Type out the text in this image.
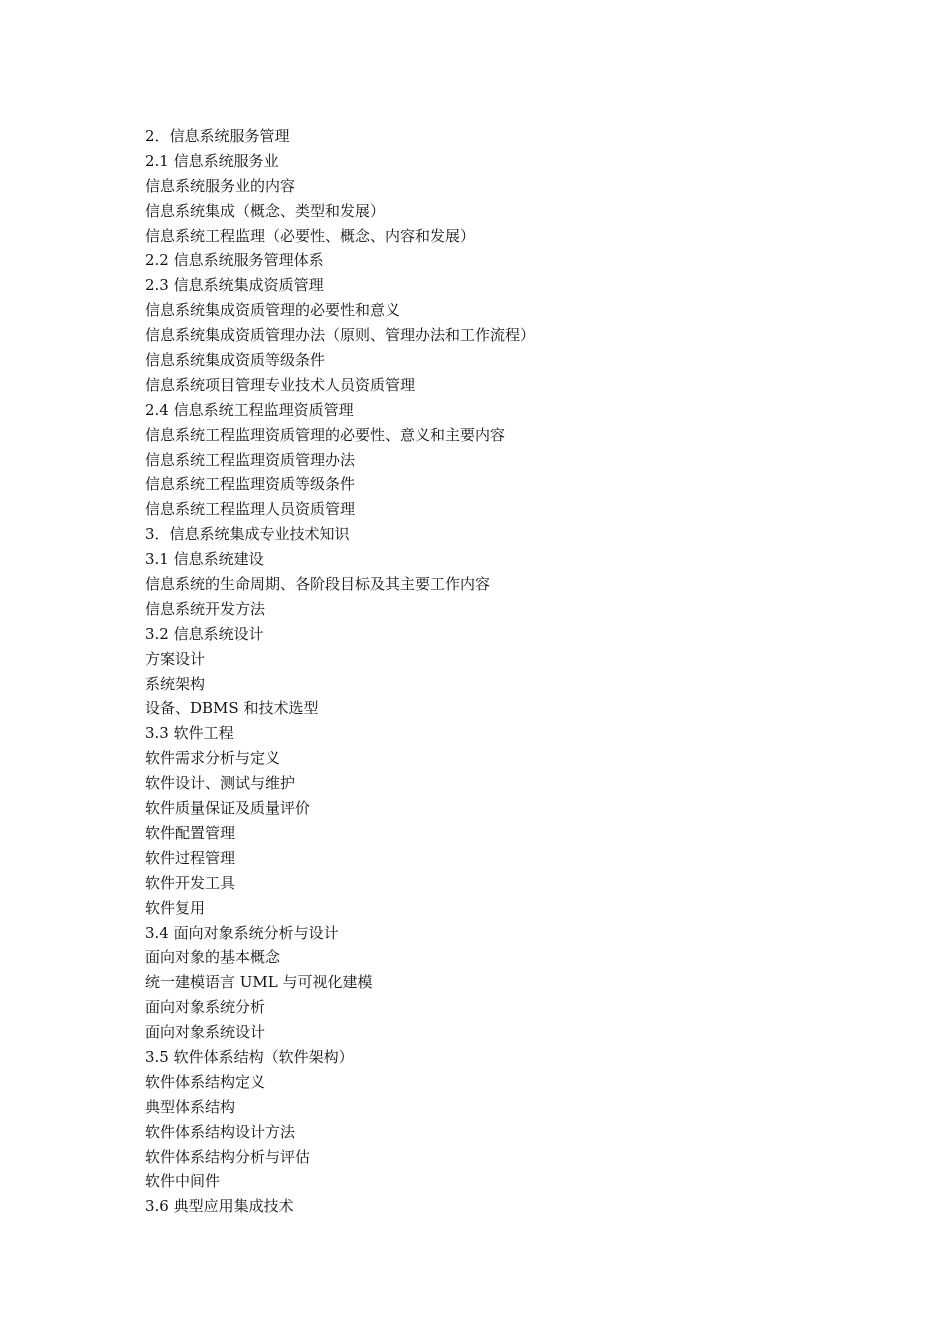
2．信息系统服务管理
2.1 信息系统服务业
信息系统服务业的内容
信息系统集成（概念、类型和发展）
信息系统工程监理（必要性、概念、内容和发展）
2.2 信息系统服务管理体系
2.3 信息系统集成资质管理
信息系统集成资质管理的必要性和意义
信息系统集成资质管理办法（原则、管理办法和工作流程）
信息系统集成资质等级条件
信息系统项目管理专业技术人员资质管理
2.4 信息系统工程监理资质管理
信息系统工程监理资质管理的必要性、意义和主要内容
信息系统工程监理资质管理办法
信息系统工程监理资质等级条件
信息系统工程监理人员资质管理
3．信息系统集成专业技术知识
3.1 信息系统建设
信息系统的生命周期、各阶段目标及其主要工作内容
信息系统开发方法
3.2 信息系统设计
方案设计
系统架构
设备、DBMS 和技术选型
3.3 软件工程
软件需求分析与定义
软件设计、测试与维护
软件质量保证及质量评价
软件配置管理
软件过程管理
软件开发工具
软件复用
3.4 面向对象系统分析与设计
面向对象的基本概念
统一建模语言 UML 与可视化建模
面向对象系统分析
面向对象系统设计
3.5 软件体系结构（软件架构）
软件体系结构定义
典型体系结构
软件体系结构设计方法
软件体系结构分析与评估
软件中间件
3.6 典型应用集成技术
